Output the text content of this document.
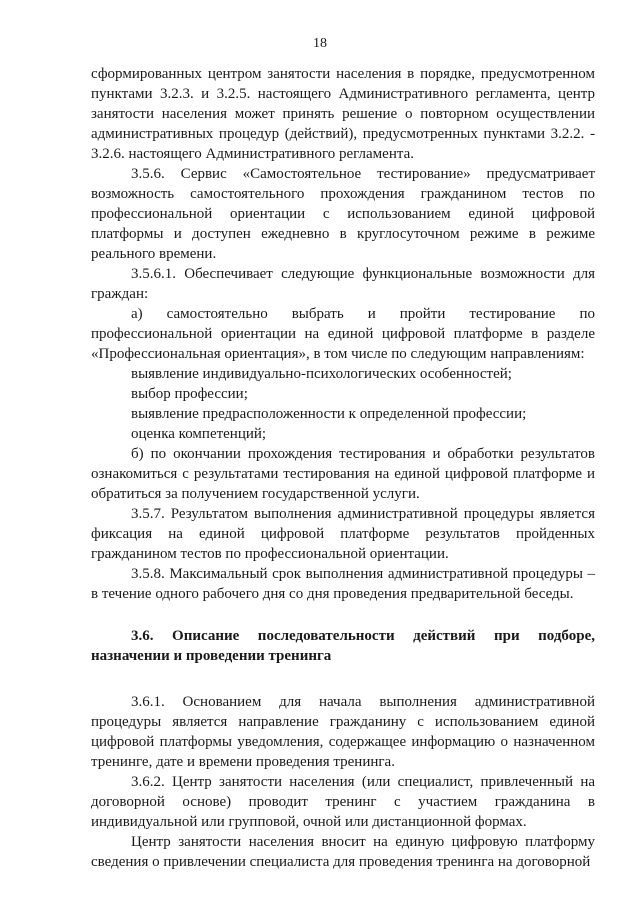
18

сформированных центром занятости населения в порядке, предусмотренном пунктами 3.2.3. и 3.2.5. настоящего Административного регламента, центр занятости населения может принять решение о повторном осуществлении административных процедур (действий), предусмотренных пунктами 3.2.2. - 3.2.6. настоящего Административного регламента.

3.5.6. Сервис «Самостоятельное тестирование» предусматривает возможность самостоятельного прохождения гражданином тестов по профессиональной ориентации с использованием единой цифровой платформы и доступен ежедневно в круглосуточном режиме в режиме реального времени.

3.5.6.1. Обеспечивает следующие функциональные возможности для граждан:

а) самостоятельно выбрать и пройти тестирование по профессиональной ориентации на единой цифровой платформе в разделе «Профессиональная ориентация», в том числе по следующим направлениям:

выявление индивидуально-психологических особенностей;

выбор профессии;

выявление предрасположенности к определенной профессии;

оценка компетенций;

б) по окончании прохождения тестирования и обработки результатов ознакомиться с результатами тестирования на единой цифровой платформе и обратиться за получением государственной услуги.

3.5.7. Результатом выполнения административной процедуры является фиксация на единой цифровой платформе результатов пройденных гражданином тестов по профессиональной ориентации.

3.5.8. Максимальный срок выполнения административной процедуры – в течение одного рабочего дня со дня проведения предварительной беседы.

3.6. Описание последовательности действий при подборе, назначении и проведении тренинга

3.6.1. Основанием для начала выполнения административной процедуры является направление гражданину с использованием единой цифровой платформы уведомления, содержащее информацию о назначенном тренинге, дате и времени проведения тренинга.

3.6.2. Центр занятости населения (или специалист, привлеченный на договорной основе) проводит тренинг с участием гражданина в индивидуальной или групповой, очной или дистанционной формах.

Центр занятости населения вносит на единую цифровую платформу сведения о привлечении специалиста для проведения тренинга на договорной
